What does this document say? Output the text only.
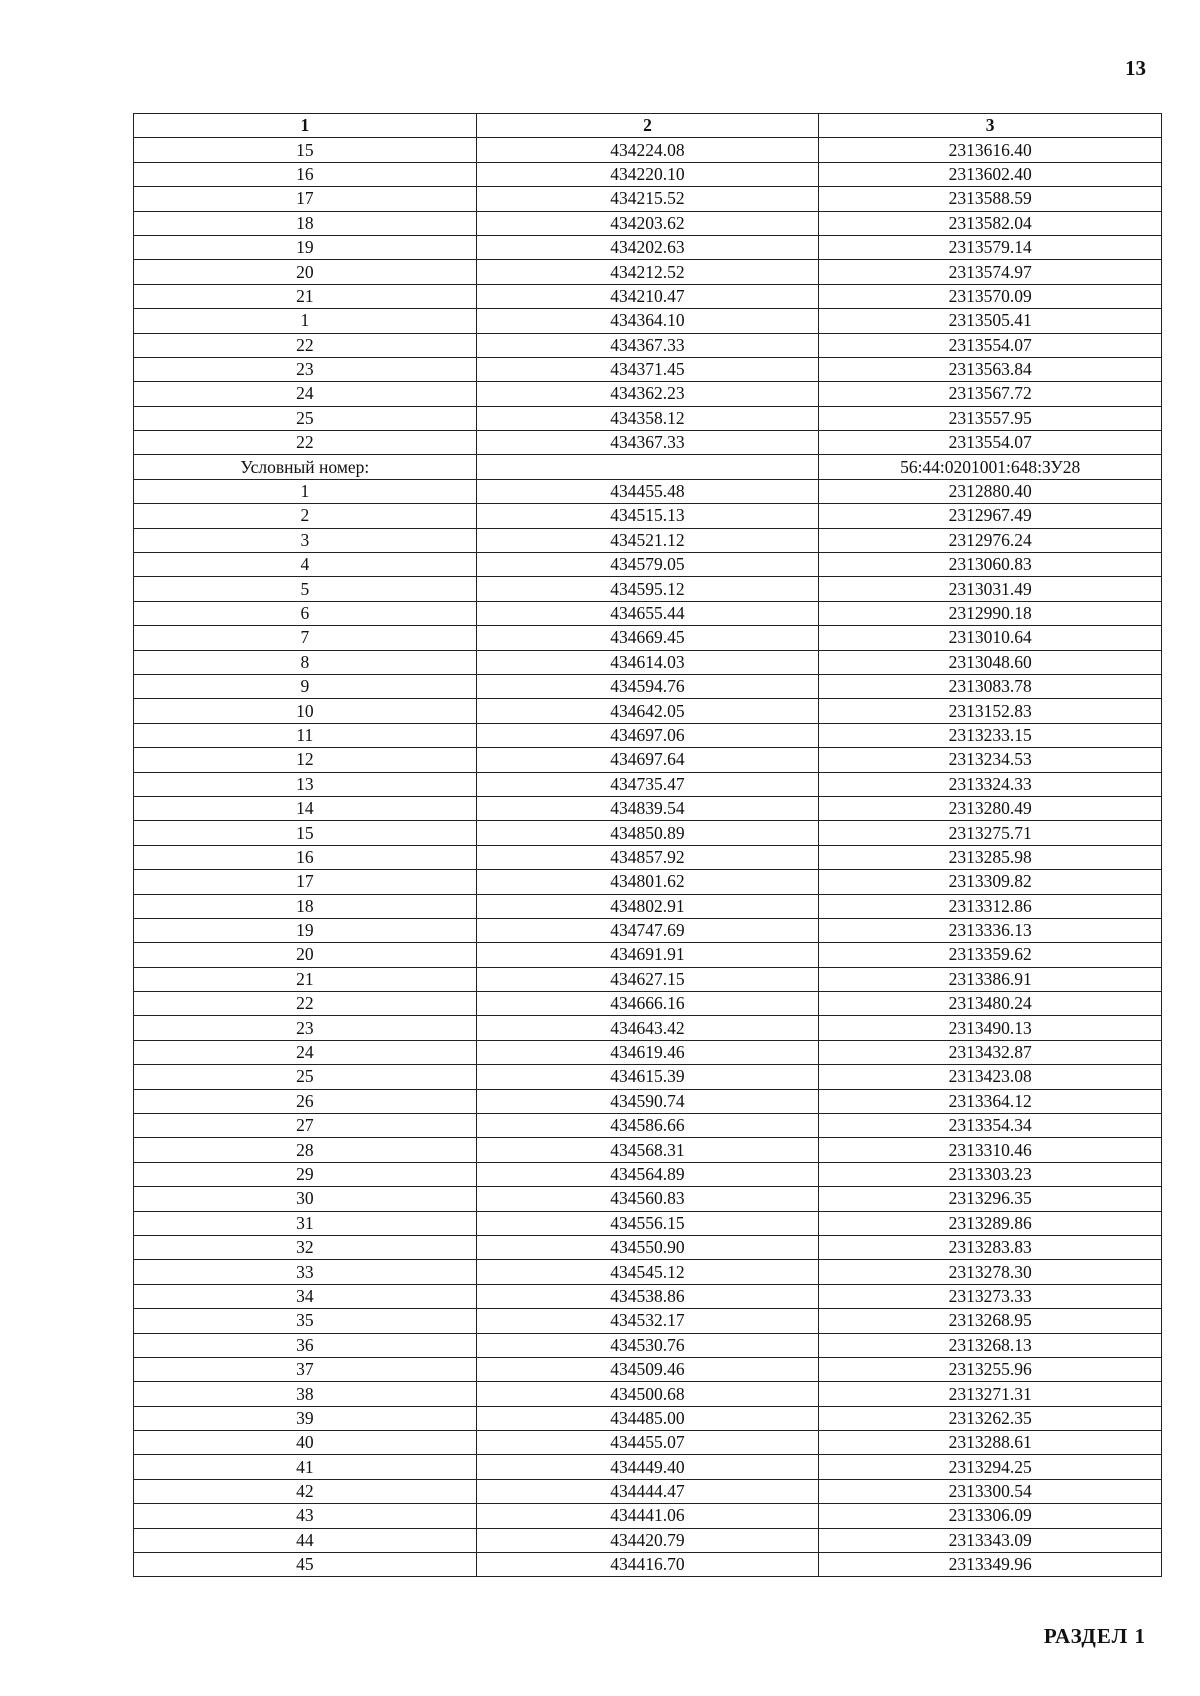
13
1	2	3
15	434224.08	2313616.40
16	434220.10	2313602.40
17	434215.52	2313588.59
18	434203.62	2313582.04
19	434202.63	2313579.14
20	434212.52	2313574.97
21	434210.47	2313570.09
1	434364.10	2313505.41
22	434367.33	2313554.07
23	434371.45	2313563.84
24	434362.23	2313567.72
25	434358.12	2313557.95
22	434367.33	2313554.07
Условный номер:		56:44:0201001:648:ЗУ28
1	434455.48	2312880.40
2	434515.13	2312967.49
3	434521.12	2312976.24
4	434579.05	2313060.83
5	434595.12	2313031.49
6	434655.44	2312990.18
7	434669.45	2313010.64
8	434614.03	2313048.60
9	434594.76	2313083.78
10	434642.05	2313152.83
11	434697.06	2313233.15
12	434697.64	2313234.53
13	434735.47	2313324.33
14	434839.54	2313280.49
15	434850.89	2313275.71
16	434857.92	2313285.98
17	434801.62	2313309.82
18	434802.91	2313312.86
19	434747.69	2313336.13
20	434691.91	2313359.62
21	434627.15	2313386.91
22	434666.16	2313480.24
23	434643.42	2313490.13
24	434619.46	2313432.87
25	434615.39	2313423.08
26	434590.74	2313364.12
27	434586.66	2313354.34
28	434568.31	2313310.46
29	434564.89	2313303.23
30	434560.83	2313296.35
31	434556.15	2313289.86
32	434550.90	2313283.83
33	434545.12	2313278.30
34	434538.86	2313273.33
35	434532.17	2313268.95
36	434530.76	2313268.13
37	434509.46	2313255.96
38	434500.68	2313271.31
39	434485.00	2313262.35
40	434455.07	2313288.61
41	434449.40	2313294.25
42	434444.47	2313300.54
43	434441.06	2313306.09
44	434420.79	2313343.09
45	434416.70	2313349.96
РАЗДЕЛ 1
